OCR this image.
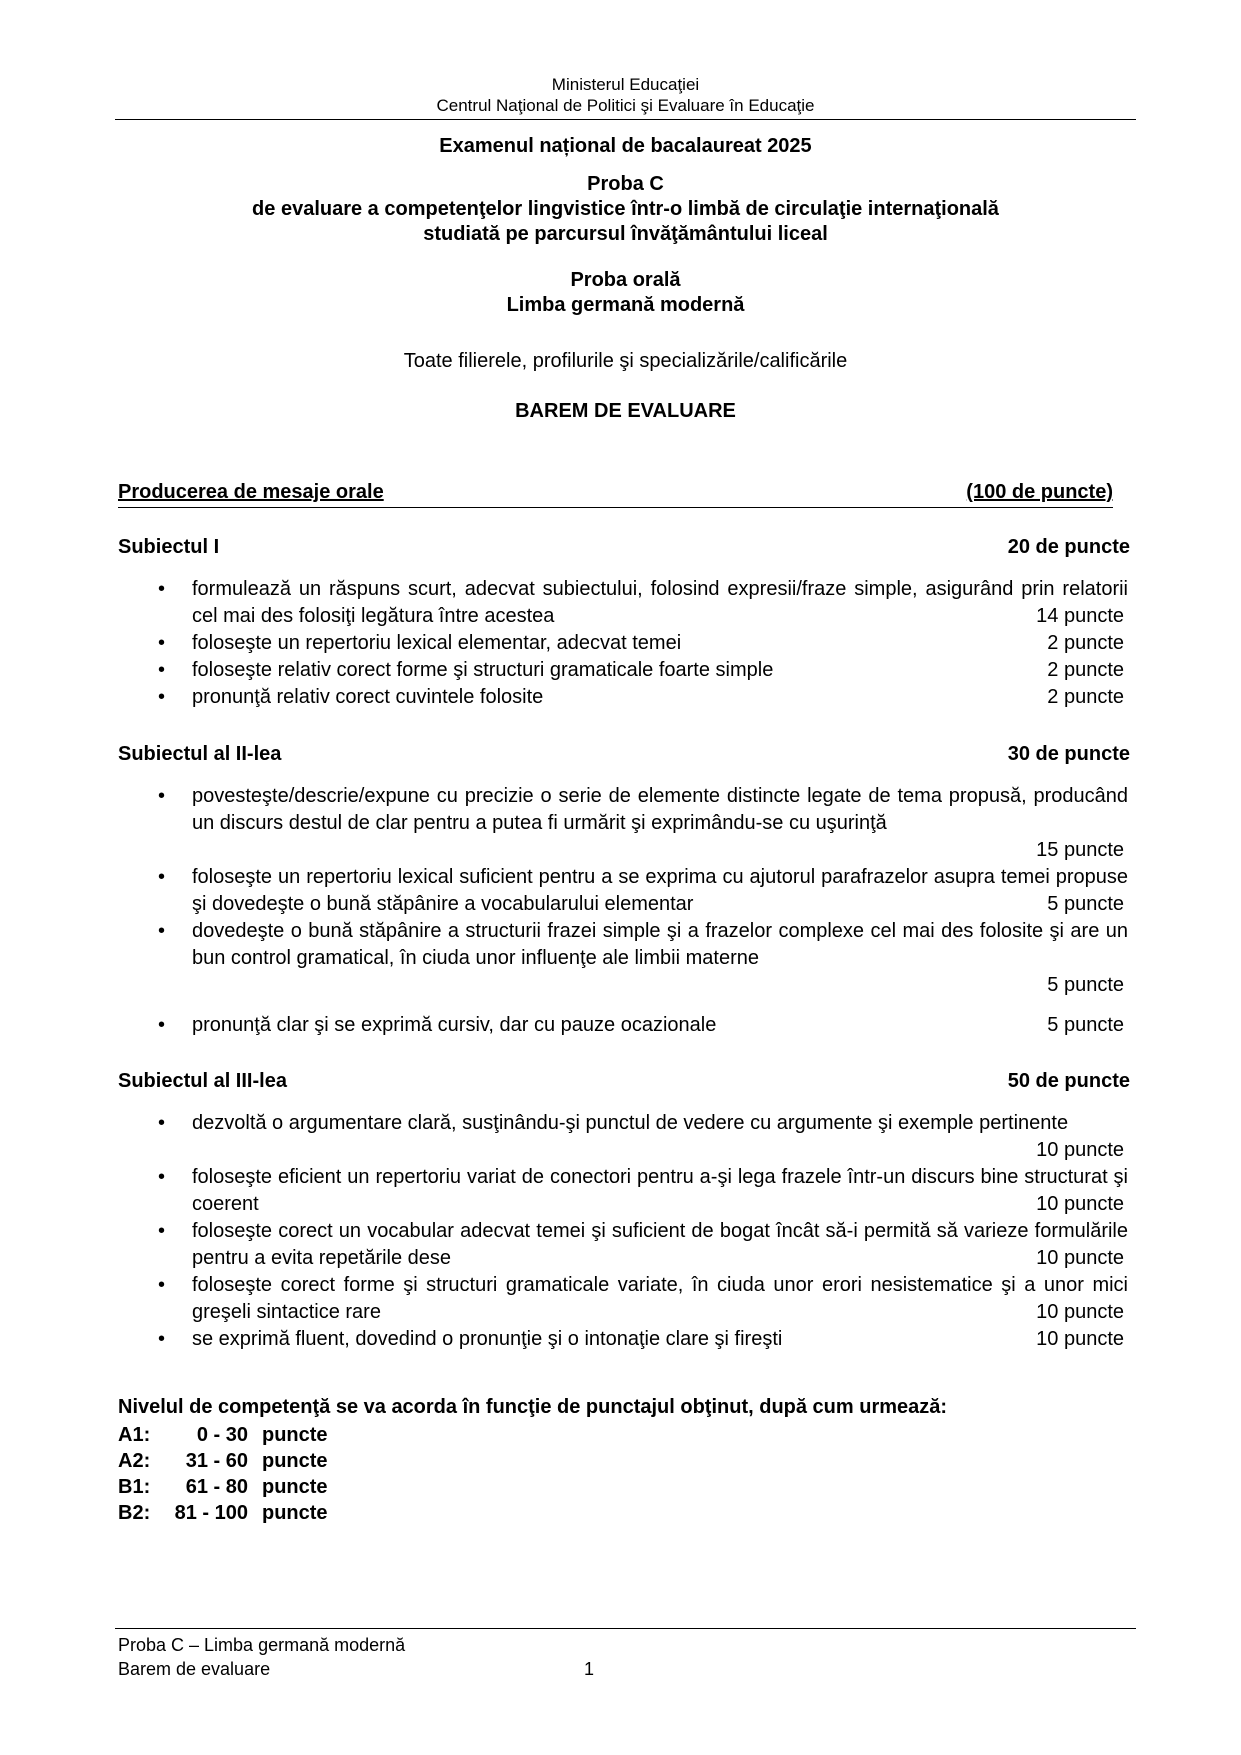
Ministerul Educaţiei
Centrul Naţional de Politici şi Evaluare în Educaţie
Examenul național de bacalaureat 2025
Proba C
de evaluare a competenţelor lingvistice într-o limbă de circulaţie internaţională
studiată pe parcursul învăţământului liceal
Proba orală
Limba germană modernă
Toate filierele, profilurile şi specializările/calificările
BAREM DE EVALUARE
Producerea de mesaje orale	(100 de puncte)
Subiectul I	20 de puncte
• formulează un răspuns scurt, adecvat subiectului, folosind expresii/fraze simple, asigurând prin relatorii cel mai des folosiţi legătura între acestea	14 puncte
• foloseşte un repertoriu lexical elementar, adecvat temei	2 puncte
• foloseşte relativ corect forme şi structuri gramaticale foarte simple	2 puncte
• pronunţă relativ corect cuvintele folosite	2 puncte
Subiectul al II-lea	30 de puncte
• povesteşte/descrie/expune cu precizie o serie de elemente distincte legate de tema propusă, producând un discurs destul de clar pentru a putea fi urmărit şi exprimându-se cu uşurinţă
15 puncte
• foloseşte un repertoriu lexical suficient pentru a se exprima cu ajutorul parafrazelor asupra temei propuse şi dovedeşte o bună stăpânire a vocabularului elementar	5 puncte
• dovedeşte o bună stăpânire a structurii frazei simple şi a frazelor complexe cel mai des folosite şi are un bun control gramatical, în ciuda unor influenţe ale limbii materne
5 puncte
• pronunţă clar şi se exprimă cursiv, dar cu pauze ocazionale	5 puncte
Subiectul al III-lea	50 de puncte
• dezvoltă o argumentare clară, susţinându-şi punctul de vedere cu argumente şi exemple pertinente
10 puncte
• foloseşte eficient un repertoriu variat de conectori pentru a-şi lega frazele într-un discurs bine structurat şi coerent	10 puncte
• foloseşte corect un vocabular adecvat temei şi suficient de bogat încât să-i permită să varieze formulările pentru a evita repetările dese	10 puncte
• foloseşte corect forme şi structuri gramaticale variate, în ciuda unor erori nesistematice şi a unor mici greşeli sintactice rare	10 puncte
• se exprimă fluent, dovedind o pronunţie şi o intonaţie clare şi fireşti	10 puncte
Nivelul de competenţă se va acorda în funcţie de punctajul obţinut, după cum urmează:
A1: 0 - 30 puncte
A2: 31 - 60 puncte
B1: 61 - 80 puncte
B2: 81 - 100 puncte
Proba C – Limba germană modernă
Barem de evaluare	1
